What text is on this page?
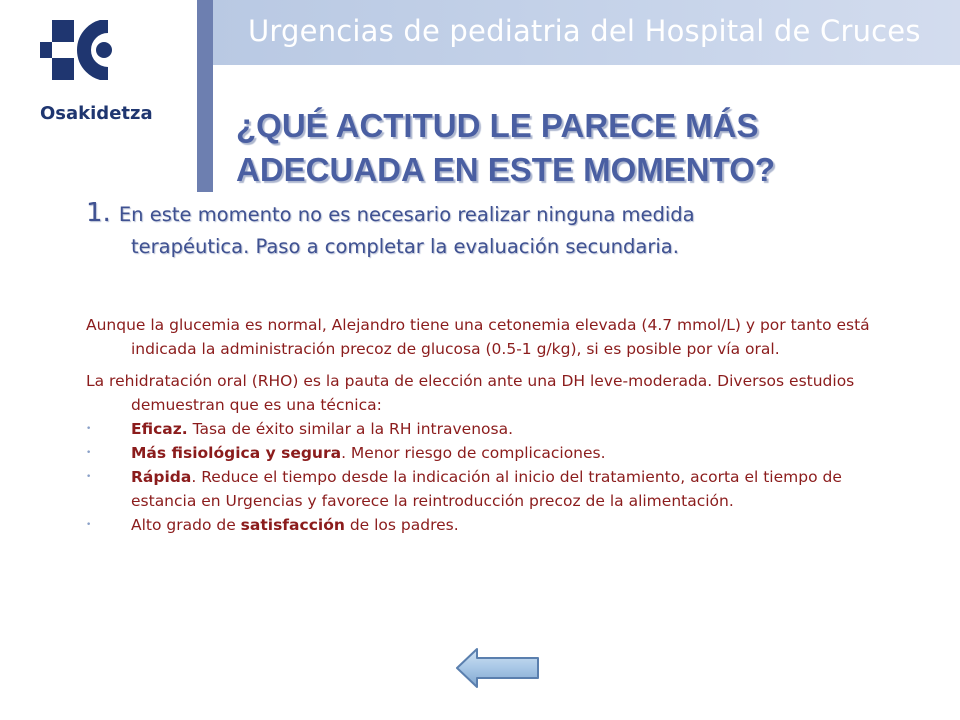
Urgencias de pediatria del Hospital de Cruces
Osakidetza	¿QUÉ ACTITUD LE PARECE MÁS
ADECUADA EN ESTE MOMENTO?
1. En este momento no es necesario realizar ninguna medida
terapéutica. Paso a completar la evaluación secundaria.

Aunque la glucemia es normal, Alejandro tiene una cetonemia elevada (4.7 mmol/L) y por tanto está indicada la administración precoz de glucosa (0.5-1 g/kg), si es posible por vía oral.

La rehidratación oral (RHO) es la pauta de elección ante una DH leve-moderada. Diversos estudios demuestran que es una técnica:

•	Eficaz. Tasa de éxito similar a la RH intravenosa.

•	Más fisiológica y segura. Menor riesgo de complicaciones.

•	Rápida. Reduce el tiempo desde la indicación al inicio del tratamiento, acorta el tiempo de estancia en Urgencias y favorece la reintroducción precoz de la alimentación.

•	Alto grado de satisfacción de los padres.
